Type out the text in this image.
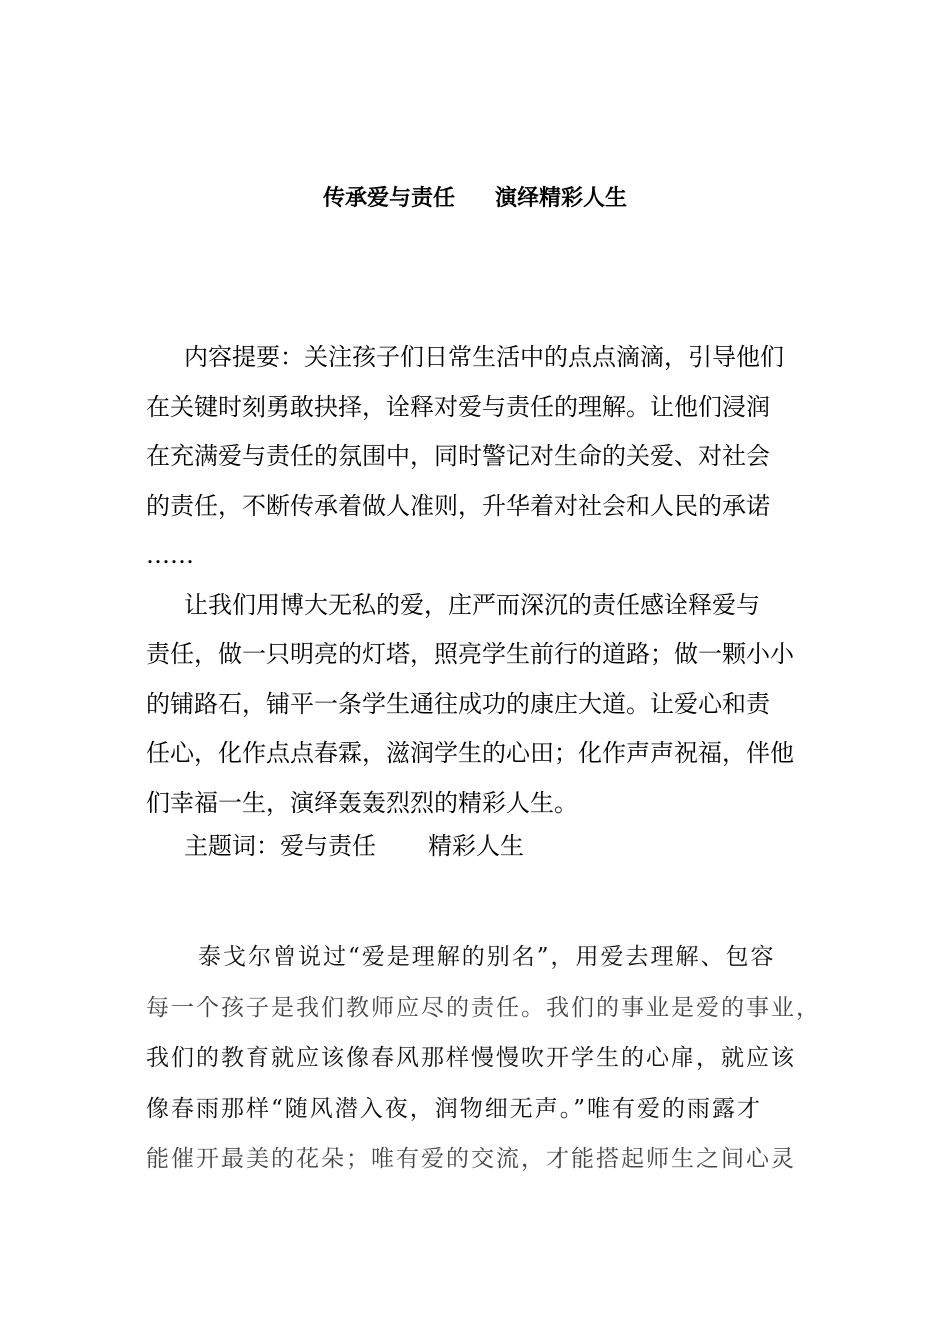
传承爱与责任 演绎精彩人生
内容提要：关注孩子们日常生活中的点点滴滴，引导他们
在关键时刻勇敢抉择，诠释对爱与责任的理解。让他们浸润
在充满爱与责任的氛围中，同时警记对生命的关爱、对社会
的责任，不断传承着做人准则，升华着对社会和人民的承诺
……
让我们用博大无私的爱，庄严而深沉的责任感诠释爱与
责任，做一只明亮的灯塔，照亮学生前行的道路；做一颗小小
的铺路石，铺平一条学生通往成功的康庄大道。让爱心和责
任心，化作点点春霖，滋润学生的心田；化作声声祝福，伴他
们幸福一生，演绎轰轰烈烈的精彩人生。
主题词：爱与责任 精彩人生
泰戈尔曾说过“爱是理解的别名”，用爱去理解、包容
每一个孩子是我们教师应尽的责任。我们的事业是爱的事业，
我们的教育就应该像春风那样慢慢吹开学生的心扉，就应该
像春雨那样“随风潜入夜，润物细无声。”唯有爱的雨露才
能催开最美的花朵；唯有爱的交流，才能搭起师生之间心灵
